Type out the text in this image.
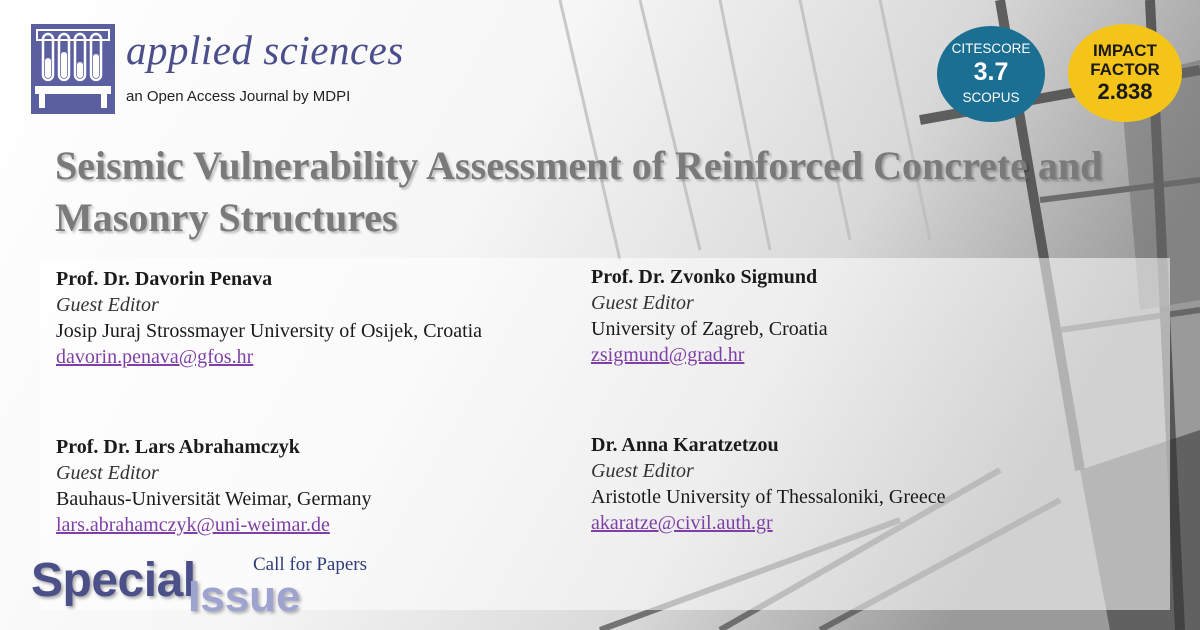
applied sciences
an Open Access Journal by MDPI
CITESCORE
3.7
SCOPUS
IMPACT
FACTOR
2.838
Seismic Vulnerability Assessment of Reinforced Concrete and Masonry Structures
Prof. Dr. Davorin Penava
Guest Editor
Josip Juraj Strossmayer University of Osijek, Croatia
davorin.penava@gfos.hr
Prof. Dr. Lars Abrahamczyk
Guest Editor
Bauhaus-Universität Weimar, Germany
lars.abrahamczyk@uni-weimar.de
Prof. Dr. Zvonko Sigmund
Guest Editor
University of Zagreb, Croatia
zsigmund@grad.hr
Dr. Anna Karatzetzou
Guest Editor
Aristotle University of Thessaloniki, Greece
akaratze@civil.auth.gr
Special
Issue
Call for Papers
